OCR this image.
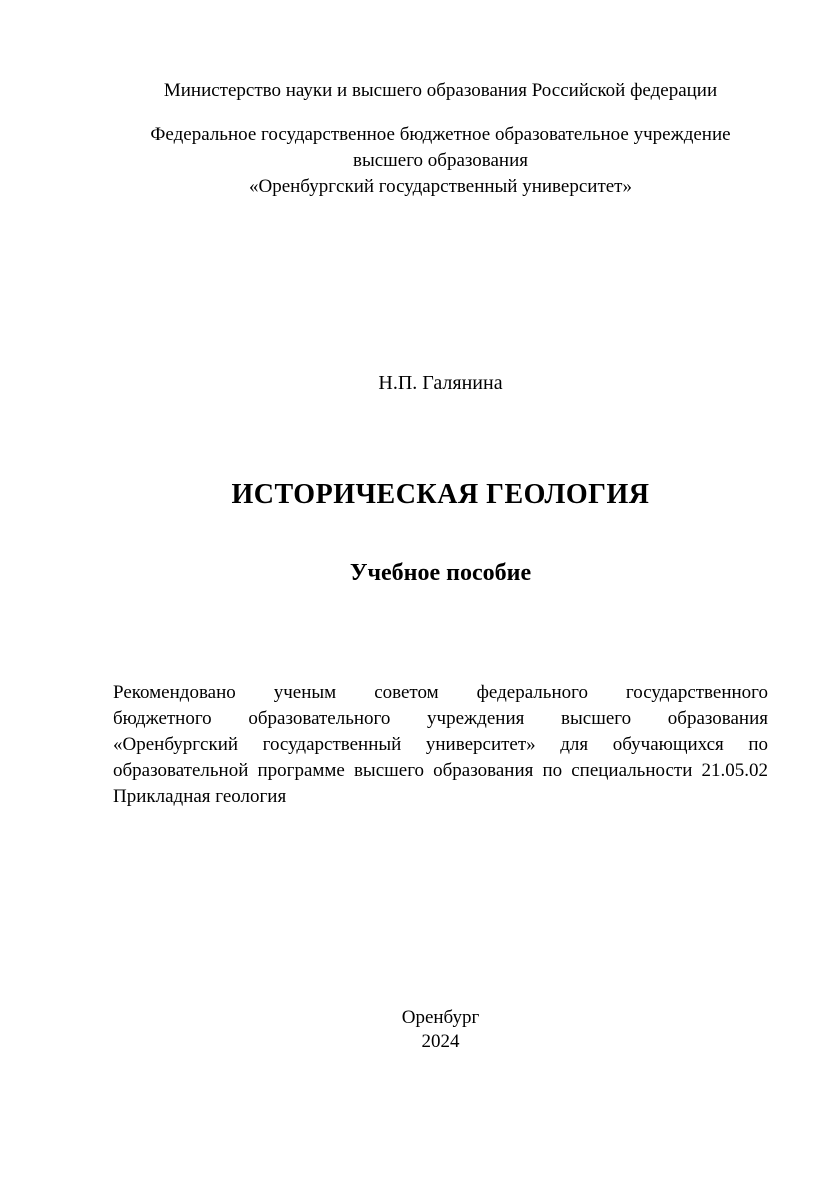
Министерство науки и высшего образования Российской федерации
Федеральное государственное бюджетное образовательное учреждение
высшего образования
«Оренбургский государственный университет»
Н.П. Галянина
ИСТОРИЧЕСКАЯ ГЕОЛОГИЯ
Учебное пособие
Рекомендовано ученым советом федерального государственного
бюджетного образовательного учреждения высшего образования
«Оренбургский государственный университет» для обучающихся по
образовательной программе высшего образования по специальности 21.05.02
Прикладная геология
Оренбург
2024
